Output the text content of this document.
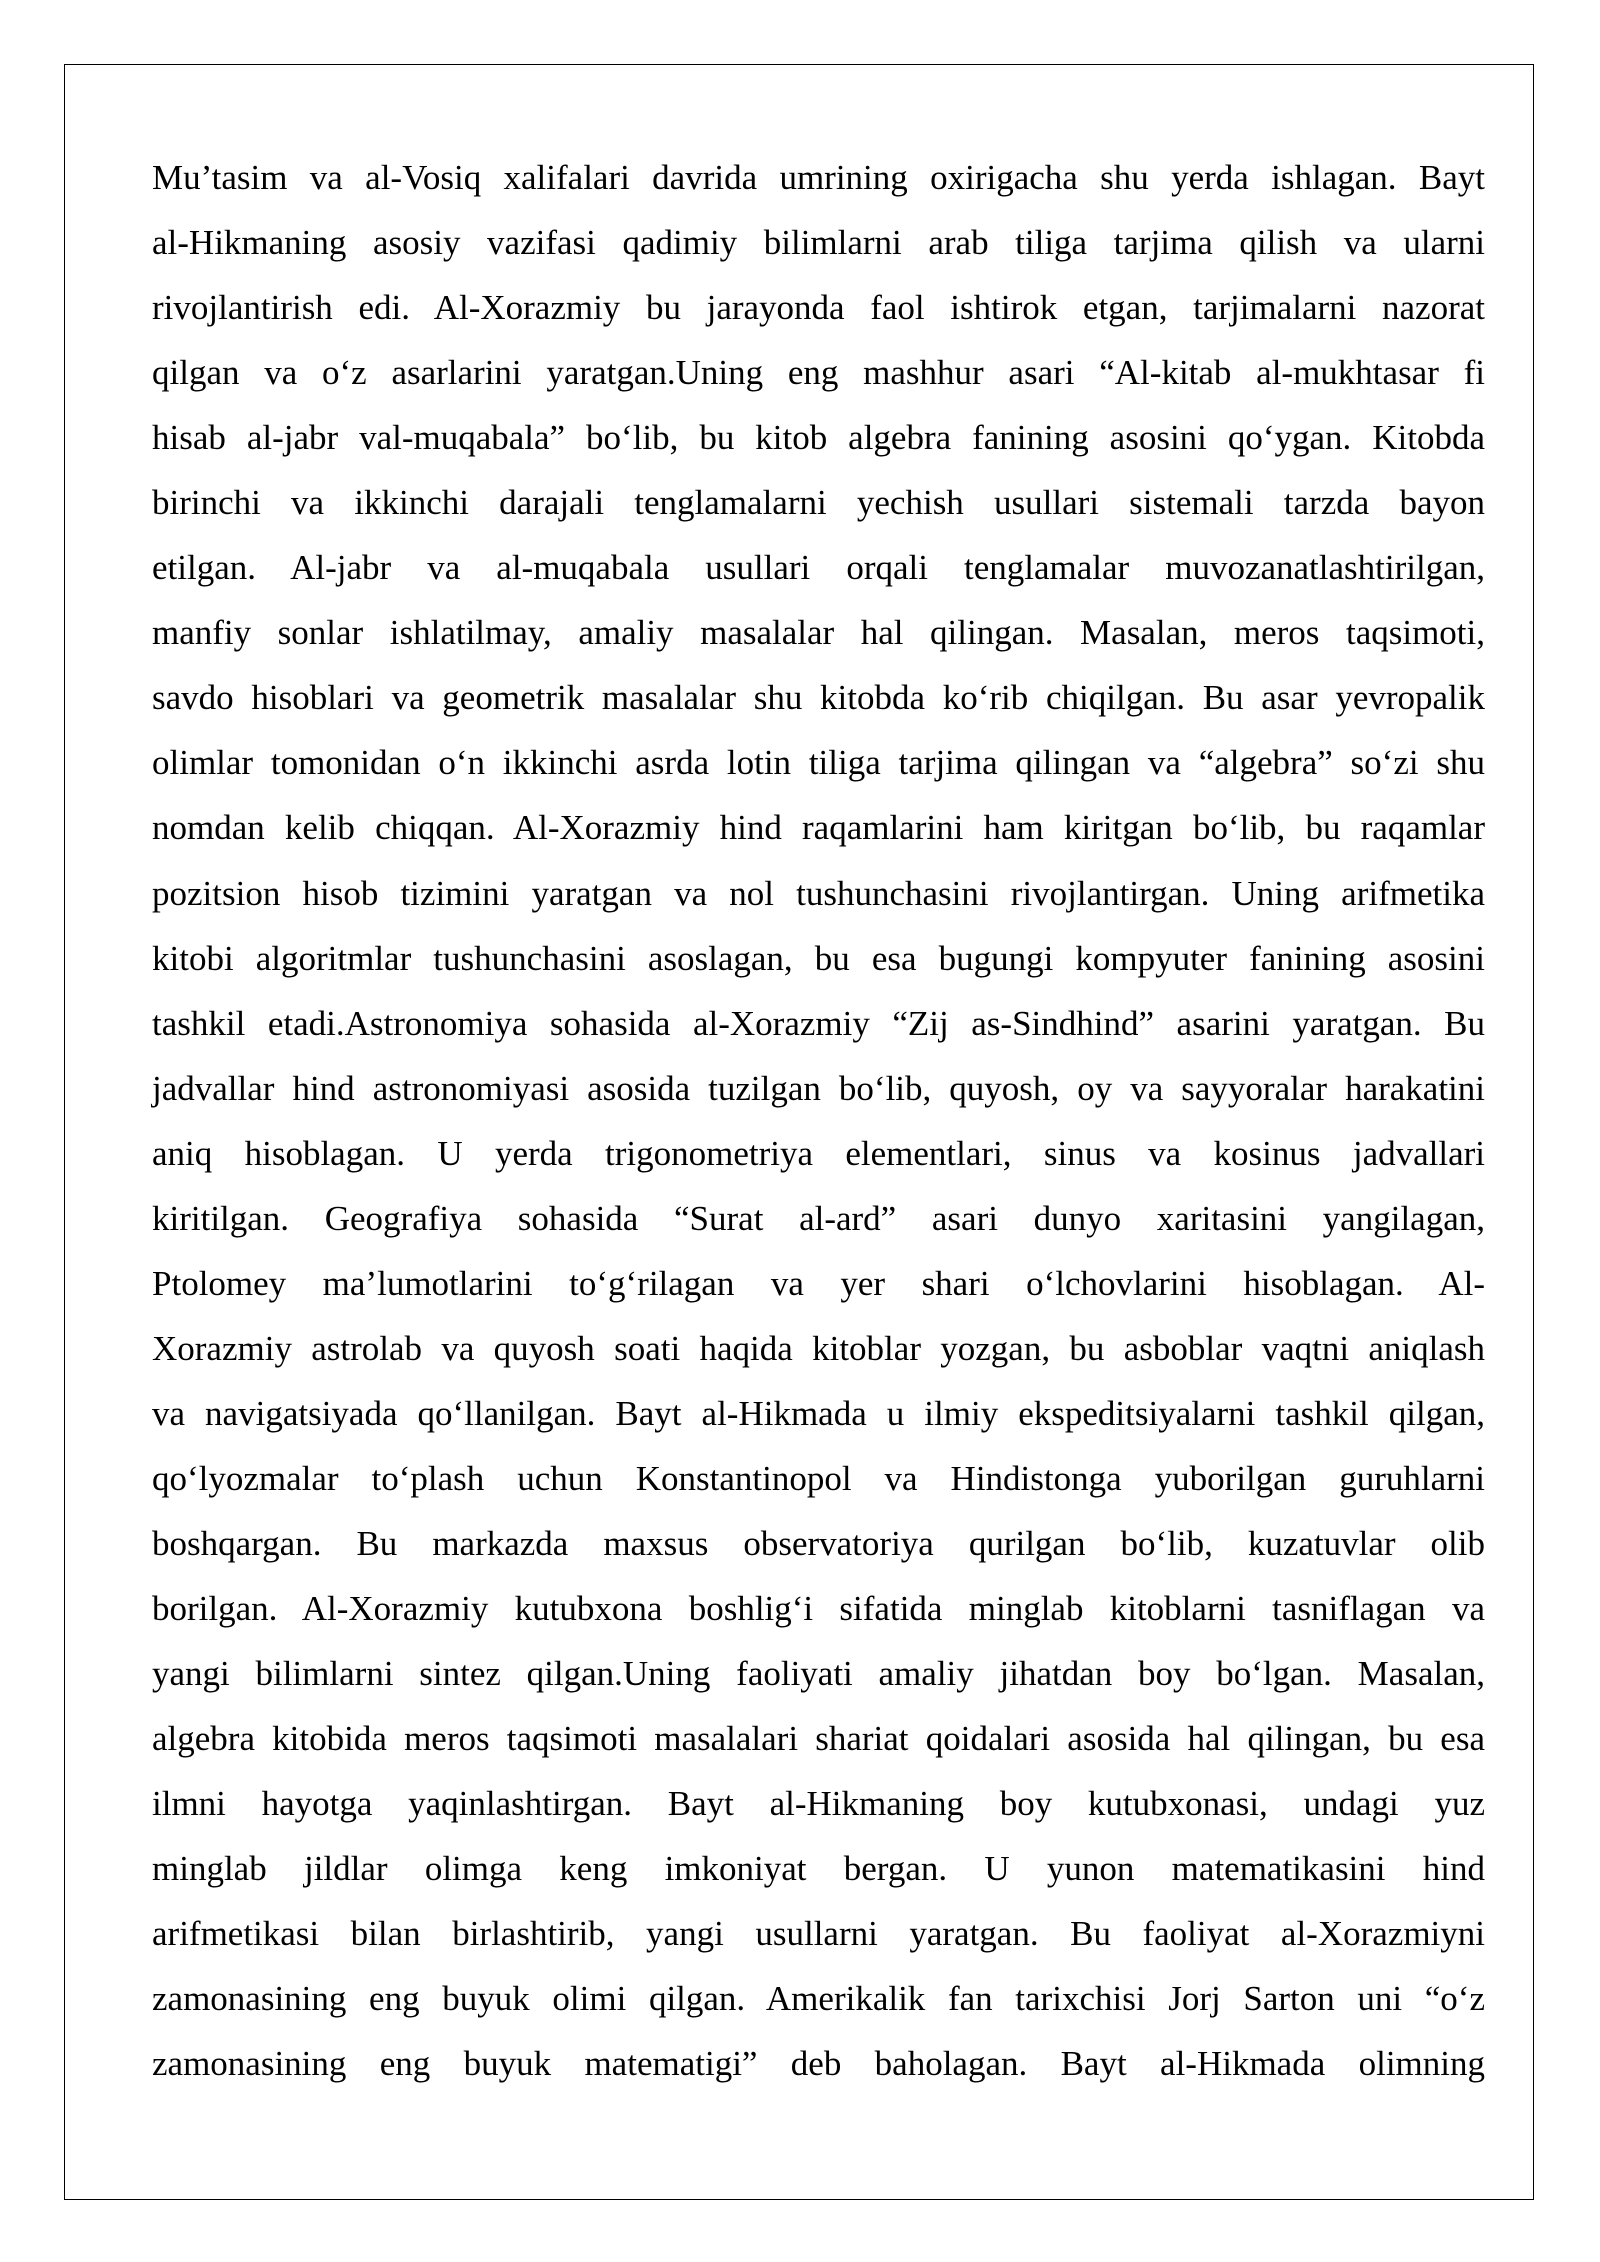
Mu’tasim va al-Vosiq xalifalari davrida umrining oxirigacha shu yerda ishlagan. Bayt
al-Hikmaning asosiy vazifasi qadimiy bilimlarni arab tiliga tarjima qilish va ularni
rivojlantirish edi. Al-Xorazmiy bu jarayonda faol ishtirok etgan, tarjimalarni nazorat
qilgan va o‘z asarlarini yaratgan.Uning eng mashhur asari “Al-kitab al-mukhtasar fi
hisab al-jabr val-muqabala” bo‘lib, bu kitob algebra fanining asosini qo‘ygan. Kitobda
birinchi va ikkinchi darajali tenglamalarni yechish usullari sistemali tarzda bayon
etilgan. Al-jabr va al-muqabala usullari orqali tenglamalar muvozanatlashtirilgan,
manfiy sonlar ishlatilmay, amaliy masalalar hal qilingan. Masalan, meros taqsimoti,
savdo hisoblari va geometrik masalalar shu kitobda ko‘rib chiqilgan. Bu asar yevropalik
olimlar tomonidan o‘n ikkinchi asrda lotin tiliga tarjima qilingan va “algebra” so‘zi shu
nomdan kelib chiqqan. Al-Xorazmiy hind raqamlarini ham kiritgan bo‘lib, bu raqamlar
pozitsion hisob tizimini yaratgan va nol tushunchasini rivojlantirgan. Uning arifmetika
kitobi algoritmlar tushunchasini asoslagan, bu esa bugungi kompyuter fanining asosini
tashkil etadi.Astronomiya sohasida al-Xorazmiy “Zij as-Sindhind” asarini yaratgan. Bu
jadvallar hind astronomiyasi asosida tuzilgan bo‘lib, quyosh, oy va sayyoralar harakatini
aniq hisoblagan. U yerda trigonometriya elementlari, sinus va kosinus jadvallari
kiritilgan. Geografiya sohasida “Surat al-ard” asari dunyo xaritasini yangilagan,
Ptolomey ma’lumotlarini to‘g‘rilagan va yer shari o‘lchovlarini hisoblagan. Al-
Xorazmiy astrolab va quyosh soati haqida kitoblar yozgan, bu asboblar vaqtni aniqlash
va navigatsiyada qo‘llanilgan. Bayt al-Hikmada u ilmiy ekspeditsiyalarni tashkil qilgan,
qo‘lyozmalar to‘plash uchun Konstantinopol va Hindistonga yuborilgan guruhlarni
boshqargan. Bu markazda maxsus observatoriya qurilgan bo‘lib, kuzatuvlar olib
borilgan. Al-Xorazmiy kutubxona boshlig‘i sifatida minglab kitoblarni tasniflagan va
yangi bilimlarni sintez qilgan.Uning faoliyati amaliy jihatdan boy bo‘lgan. Masalan,
algebra kitobida meros taqsimoti masalalari shariat qoidalari asosida hal qilingan, bu esa
ilmni hayotga yaqinlashtirgan. Bayt al-Hikmaning boy kutubxonasi, undagi yuz
minglab jildlar olimga keng imkoniyat bergan. U yunon matematikasini hind
arifmetikasi bilan birlashtirib, yangi usullarni yaratgan. Bu faoliyat al-Xorazmiyni
zamonasining eng buyuk olimi qilgan. Amerikalik fan tarixchisi Jorj Sarton uni “o‘z
zamonasining eng buyuk matematigi” deb baholagan. Bayt al-Hikmada olimning
